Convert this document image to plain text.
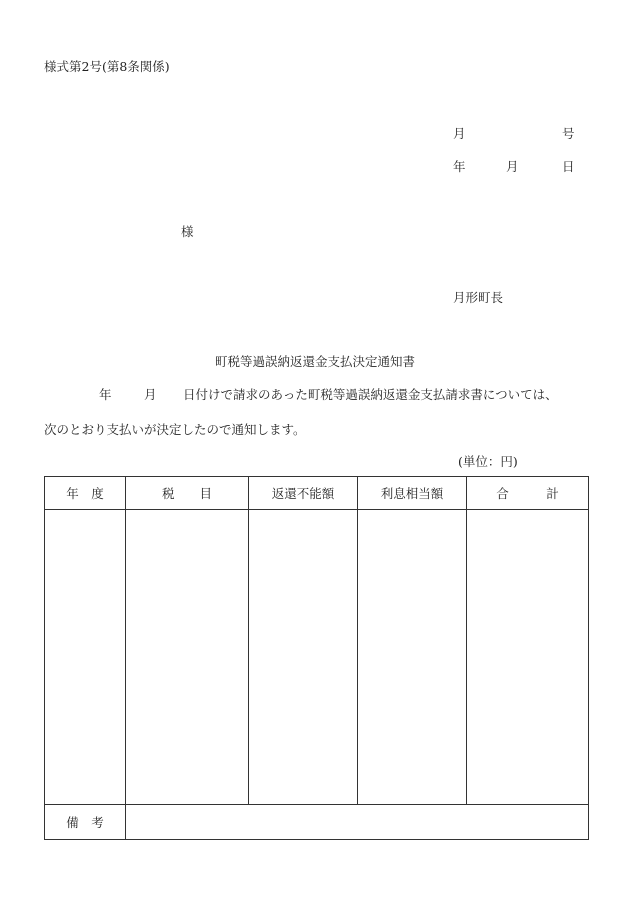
様式第2号(第8条関係)
月	号
年	月	日
様
月形町長
町税等過誤納返還金支払決定通知書
年	月 日付けで請求のあった町税等過誤納返還金支払請求書については、
次のとおり支払いが決定したので通知します。
(単位：円)
年　度	税　　目	返還不能額	利息相当額	合　　　計

備　考				
